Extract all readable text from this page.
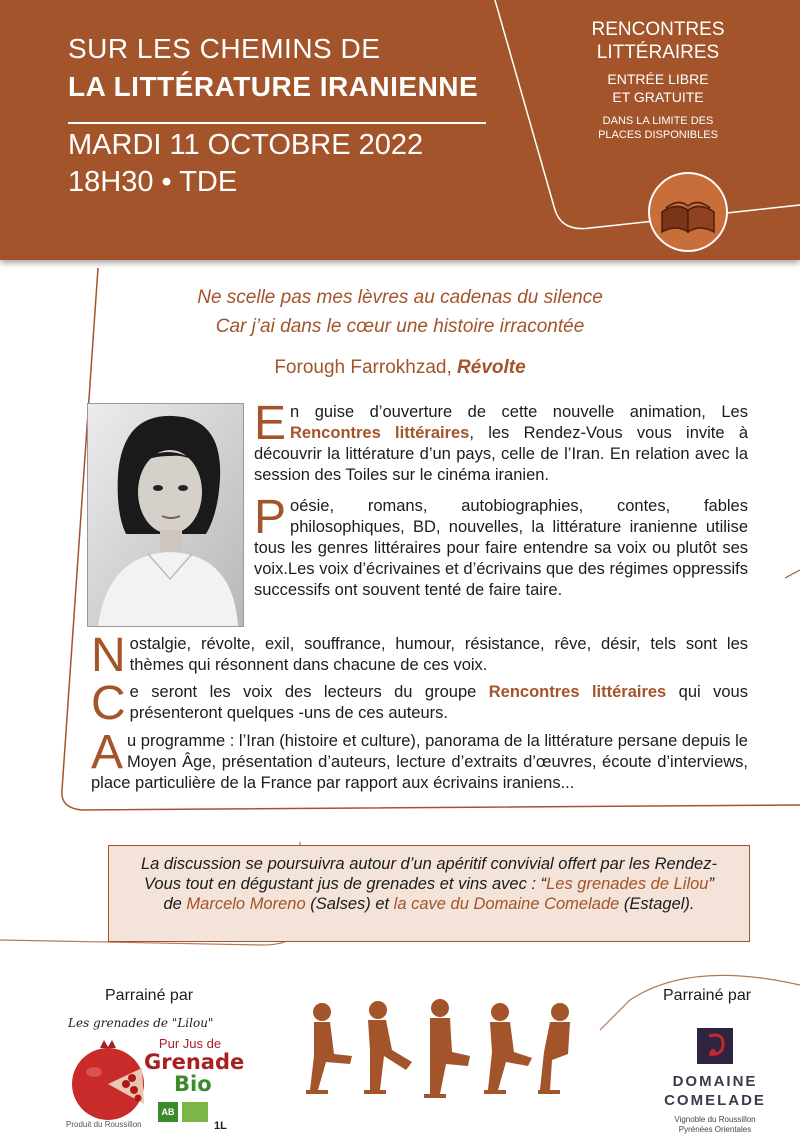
SUR LES CHEMINS DE
LA LITTÉRATURE IRANIENNE
MARDI 11 OCTOBRE 2022
18H30 • TDE
RENCONTRES
LITTÉRAIRES
ENTRÉE LIBRE
ET GRATUITE
DANS LA LIMITE DES
PLACES DISPONIBLES
Ne scelle pas mes lèvres au cadenas du silence
Car j’ai dans le cœur une histoire irracontée
Forough Farrokhzad, Révolte
En guise d’ouverture de cette nouvelle animation, Les Rencontres littéraires, les Rendez-Vous vous invite à découvrir la littérature d’un pays, celle de l’Iran. En relation avec la session des Toiles sur le cinéma iranien.
Poésie, romans, autobiographies, contes, fables philosophiques, BD, nouvelles, la littérature iranienne utilise tous les genres littéraires pour faire entendre sa voix ou plutôt ses voix.Les voix d’écrivaines et d’écrivains que des régimes oppressifs successifs ont souvent tenté de faire taire.
Nostalgie, révolte, exil, souffrance, humour, résistance, rêve, désir, tels sont les thèmes qui résonnent dans chacune de ces voix.
Ce seront les voix des lecteurs du groupe Rencontres littéraires qui vous présenteront quelques -uns de ces auteurs.
Au programme : l’Iran (histoire et culture), panorama de la littérature persane depuis le Moyen Âge, présentation d’auteurs, lecture d’extraits d’œuvres, écoute d’interviews, place particulière de la France par rapport aux écrivains iraniens...
La discussion se poursuivra autour d’un apéritif convivial offert par les Rendez-Vous tout en dégustant jus de grenades et vins avec : “Les grenades de Lilou” de Marcelo Moreno (Salses) et la cave du Domaine Comelade (Estagel).
Parrainé par	Parrainé par
Les grenades de "Lilou"
Pur Jus de
Grenade
Bio
AB
Produit du Roussillon	1L
DOMAINE
COMELADE
Vignoble du Roussillon
Pyrénées Orientales
